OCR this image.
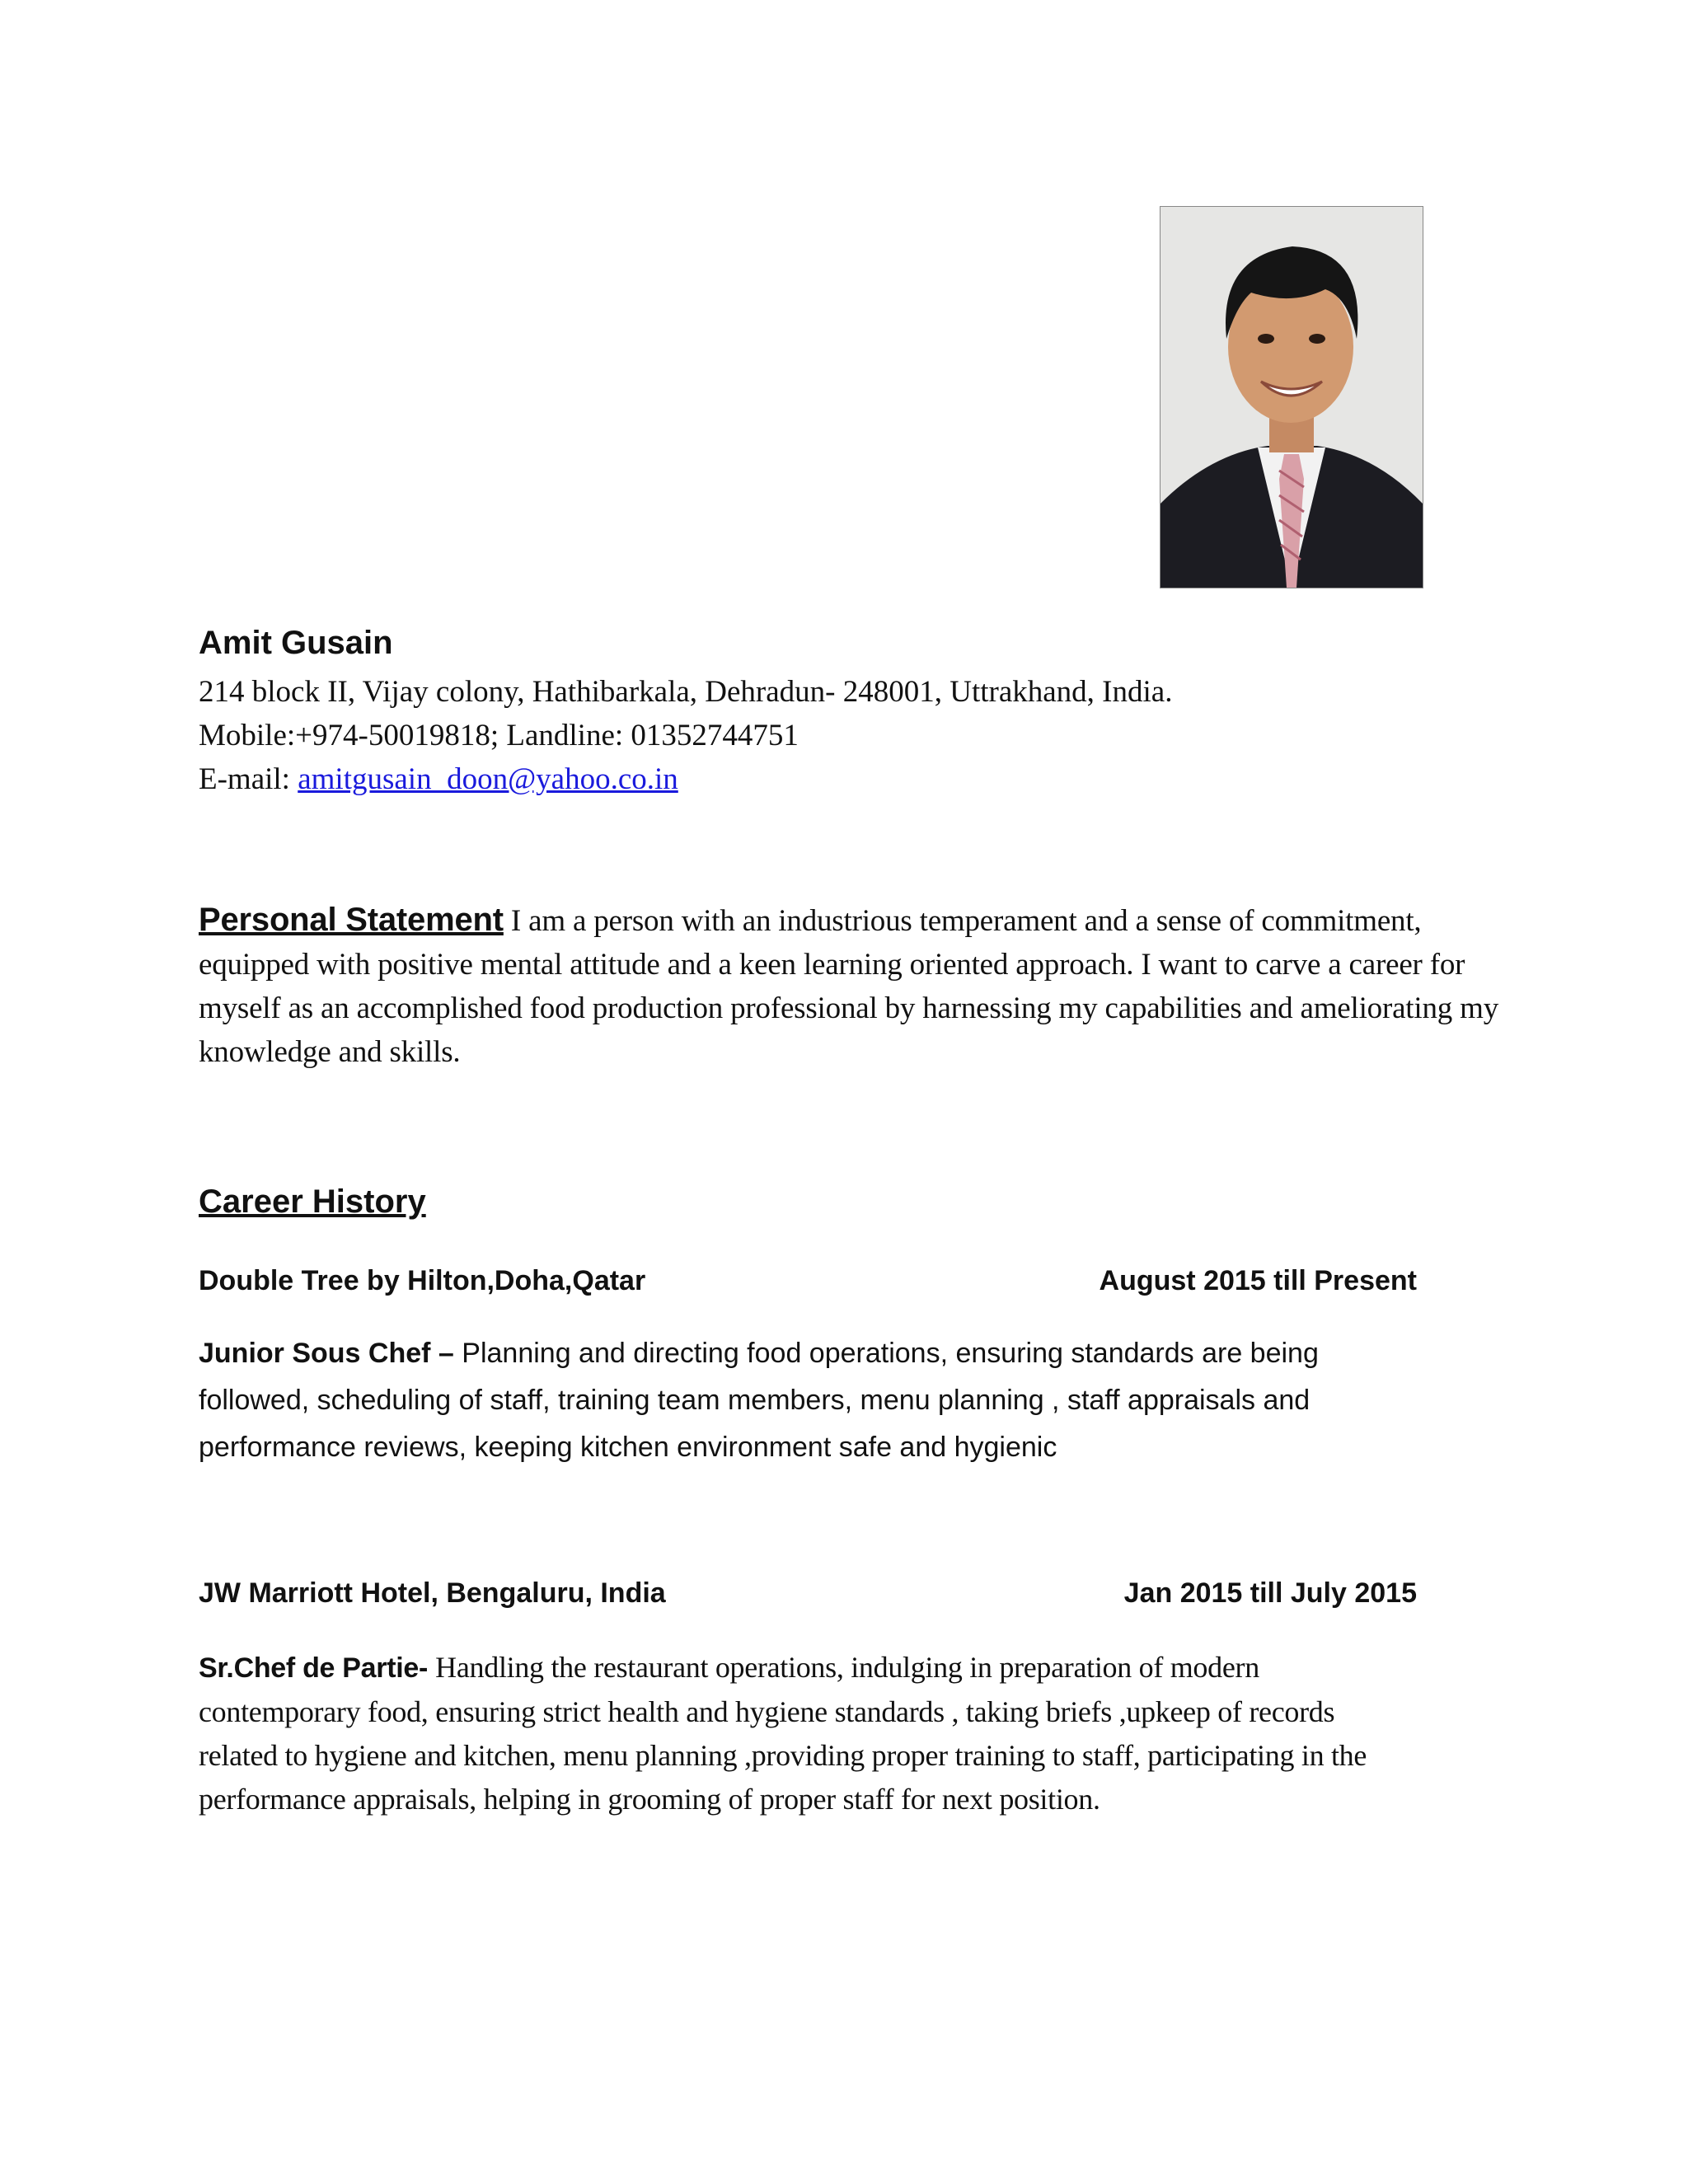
Amit Gusain
214 block II, Vijay colony, Hathibarkala, Dehradun- 248001, Uttrakhand, India.
Mobile:+974-50019818; Landline: 01352744751
E-mail: amitgusain_doon@yahoo.co.in
Personal Statement I am a person with an industrious temperament and a sense of commitment, equipped with positive mental attitude and a keen learning oriented approach. I want to carve a career for myself as an accomplished food production professional by harnessing my capabilities and ameliorating my knowledge and skills.
Career History
Double Tree by Hilton,Doha,Qatar	August 2015 till Present
Junior Sous Chef – Planning and directing food operations, ensuring standards are being followed, scheduling of staff, training team members, menu planning , staff appraisals and performance reviews, keeping kitchen environment safe and hygienic
JW Marriott Hotel, Bengaluru, India	Jan 2015 till July 2015
Sr.Chef de Partie- Handling the restaurant operations, indulging in preparation of modern contemporary food, ensuring strict health and hygiene standards , taking briefs ,upkeep of records related to hygiene and kitchen, menu planning ,providing proper training to staff, participating in the performance appraisals, helping in grooming of proper staff for next position.
